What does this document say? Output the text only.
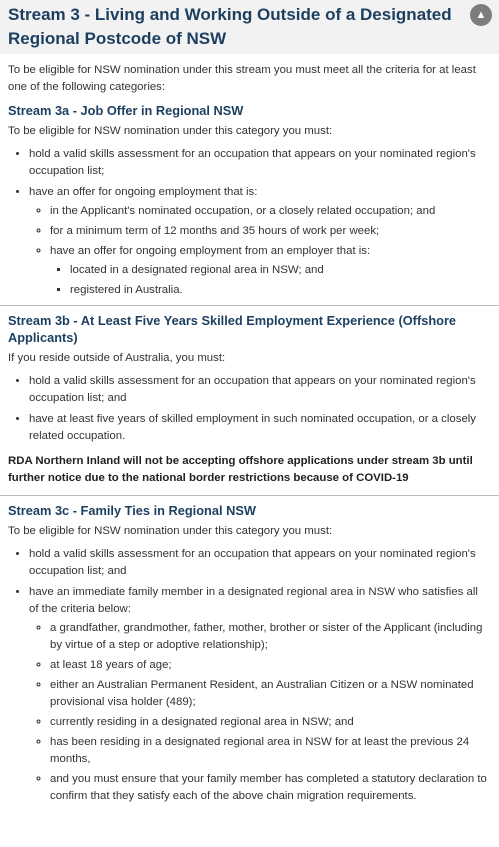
Stream 3 - Living and Working Outside of a Designated Regional Postcode of NSW
▲

To be eligible for NSW nomination under this stream you must meet all the criteria for at least one of the following categories:

Stream 3a - Job Offer in Regional NSW

To be eligible for NSW nomination under this category you must:

• hold a valid skills assessment for an occupation that appears on your nominated region's occupation list;
• have an offer for ongoing employment that is:
◦ in the Applicant's nominated occupation, or a closely related occupation; and
◦ for a minimum term of 12 months and 35 hours of work per week;
◦ have an offer for ongoing employment from an employer that is:
▪ located in a designated regional area in NSW; and
▪ registered in Australia.
Stream 3b - At Least Five Years Skilled Employment Experience (Offshore Applicants)

If you reside outside of Australia, you must:

• hold a valid skills assessment for an occupation that appears on your nominated region's occupation list; and
• have at least five years of skilled employment in such nominated occupation, or a closely related occupation.

RDA Northern Inland will not be accepting offshore applications under stream 3b until further notice due to the national border restrictions because of COVID-19

Stream 3c - Family Ties in Regional NSW

To be eligible for NSW nomination under this category you must:

• hold a valid skills assessment for an occupation that appears on your nominated region's occupation list; and
• have an immediate family member in a designated regional area in NSW who satisfies all of the criteria below:
◦ a grandfather, grandmother, father, mother, brother or sister of the Applicant (including by virtue of a step or adoptive relationship);
◦ at least 18 years of age;
◦ either an Australian Permanent Resident, an Australian Citizen or a NSW nominated provisional visa holder (489);
◦ currently residing in a designated regional area in NSW; and
◦ has been residing in a designated regional area in NSW for at least the previous 24 months,
◦ and you must ensure that your family member has completed a statutory declaration to confirm that they satisfy each of the above chain migration requirements.
